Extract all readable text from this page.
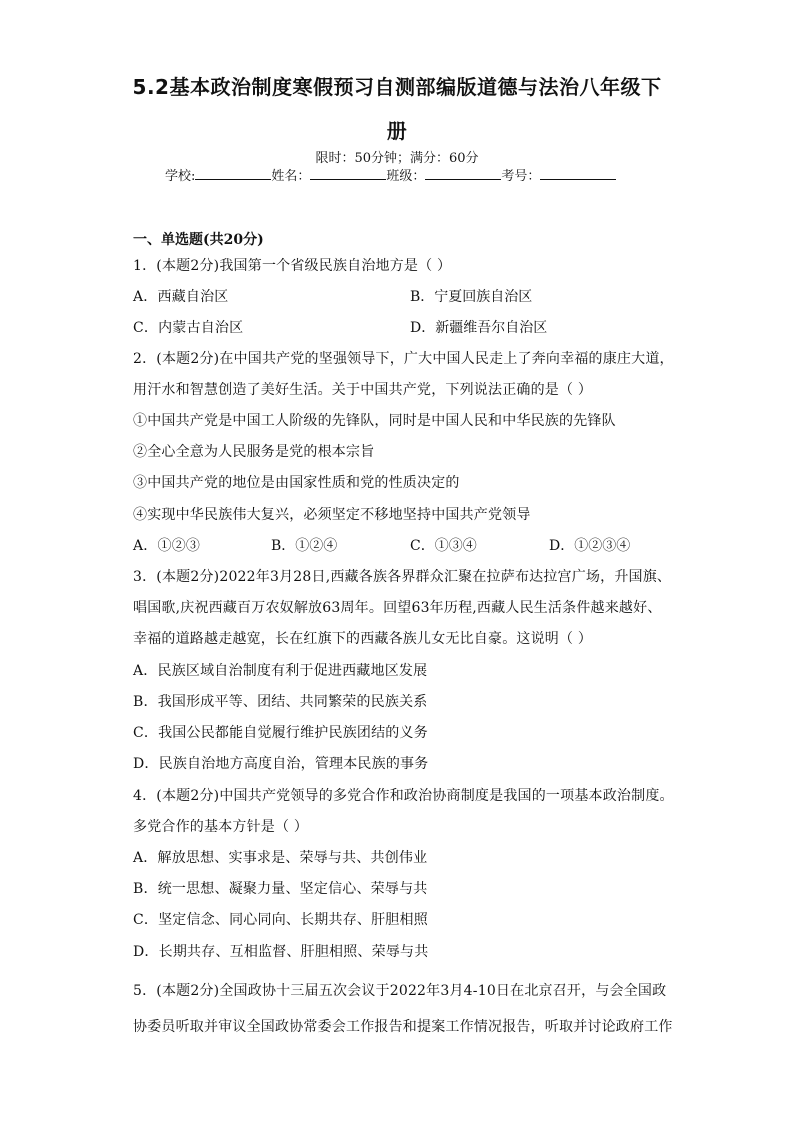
5.2基本政治制度寒假预习自测部编版道德与法治八年级下
册
限时：50分钟；满分：60分
学校:	姓名：	班级：	考号：
一、单选题(共20分)
1．(本题2分)我国第一个省级民族自治地方是（ ）
A．西藏自治区	B．宁夏回族自治区
C．内蒙古自治区	D．新疆维吾尔自治区
2．(本题2分)在中国共产党的坚强领导下，广大中国人民走上了奔向幸福的康庄大道，
用汗水和智慧创造了美好生活。关于中国共产党，下列说法正确的是（ ）
①中国共产党是中国工人阶级的先锋队，同时是中国人民和中华民族的先锋队
②全心全意为人民服务是党的根本宗旨
③中国共产党的地位是由国家性质和党的性质决定的
④实现中华民族伟大复兴，必须坚定不移地坚持中国共产党领导
A．①②③	B．①②④	C．①③④	D．①②③④
3．(本题2分)2022年3月28日,西藏各族各界群众汇聚在拉萨布达拉宫广场，升国旗、
唱国歌,庆祝西藏百万农奴解放63周年。回望63年历程,西藏人民生活条件越来越好、
幸福的道路越走越宽，长在红旗下的西藏各族儿女无比自豪。这说明（ ）
A．民族区域自治制度有利于促进西藏地区发展
B．我国形成平等、团结、共同繁荣的民族关系
C．我国公民都能自觉履行维护民族团结的义务
D．民族自治地方高度自治，管理本民族的事务
4．(本题2分)中国共产党领导的多党合作和政治协商制度是我国的一项基本政治制度。
多党合作的基本方针是（ ）
A．解放思想、实事求是、荣辱与共、共创伟业
B．统一思想、凝聚力量、坚定信心、荣辱与共
C．坚定信念、同心同向、长期共存、肝胆相照
D．长期共存、互相监督、肝胆相照、荣辱与共
5．(本题2分)全国政协十三届五次会议于2022年3月4-10日在北京召开，与会全国政
协委员听取并审议全国政协常委会工作报告和提案工作情况报告，听取并讨论政府工作
